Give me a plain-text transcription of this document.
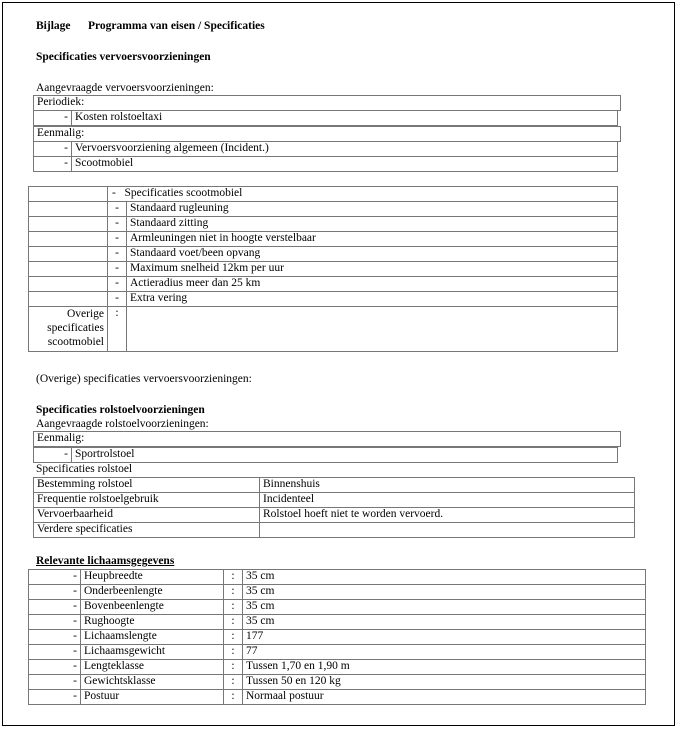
Bijlage Programma van eisen / Specificaties
Specificaties vervoersvoorzieningen
Aangevraagde vervoersvoorzieningen:
Periodiek:
-	Kosten rolstoeltaxi
Eenmalig:
-	Vervoersvoorziening algemeen (Incident.)
-	Scootmobiel
	- Specificaties scootmobiel	
	-	Standaard rugleuning
	-	Standaard zitting
	-	Armleuningen niet in hoogte verstelbaar
	-	Standaard voet/been opvang
	-	Maximum snelheid 12km per uur
	-	Actieradius meer dan 25 km
	-	Extra vering
Overige specificaties scootmobiel	:	
(Overige) specificaties vervoersvoorzieningen:
Specificaties rolstoelvoorzieningen
Aangevraagde rolstoelvoorzieningen:
Eenmalig:
-	Sportrolstoel
Specificaties rolstoel
Bestemming rolstoel	Binnenshuis
Frequentie rolstoelgebruik	Incidenteel
Vervoerbaarheid	Rolstoel hoeft niet te worden vervoerd.
Verdere specificaties	
Relevante lichaamsgegevens
-	Heupbreedte	:	35 cm
-	Onderbeenlengte	:	35 cm
-	Bovenbeenlengte	:	35 cm
-	Rughoogte	:	35 cm
-	Lichaamslengte	:	177
-	Lichaamsgewicht	:	77
-	Lengteklasse	:	Tussen 1,70 en 1,90 m
-	Gewichtsklasse	:	Tussen 50 en 120 kg
-	Postuur	:	Normaal postuur
